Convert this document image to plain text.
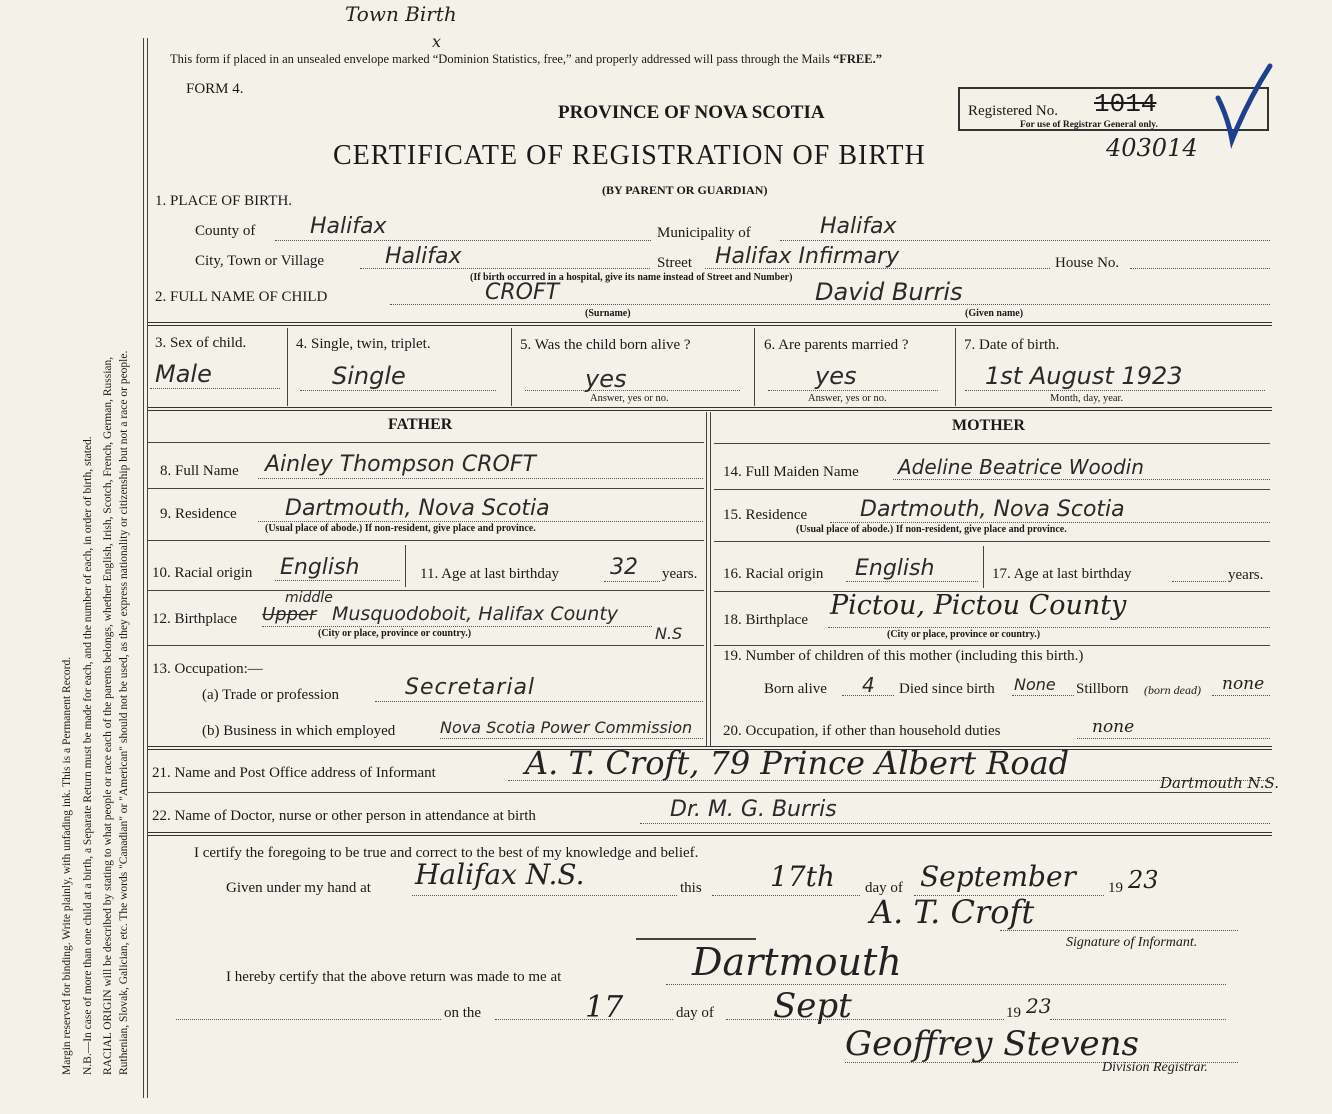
Margin reserved for binding. Write plainly, with unfading ink. This is a Permanent Record. N.B.—In case of more than one child at a birth, a Separate Return must be made for each, and the number of each, in order of birth, stated. RACIAL ORIGIN will be described by stating to what people or race each of the parents belongs, whether English, Irish, Scotch, French, German, Russian, Ruthenian, Slovak, Galician, etc. The words "Canadian" or "American" should not be used, as they express nationality or citizenship but not a race or people.
Town Birth
x
This form if placed in an unsealed envelope marked “Dominion Statistics, free,” and properly addressed will pass through the Mails “FREE.”
FORM 4.
PROVINCE OF NOVA SCOTIA
CERTIFICATE OF REGISTRATION OF BIRTH
(BY PARENT OR GUARDIAN)
403014
Registered No. 1014
For use of Registrar General only.
1. PLACE OF BIRTH.
County of Halifax	Municipality of	Halifax
City, Town or Village	Halifax	Street Halifax Infirmary	House No.
(If birth occurred in a hospital, give its name instead of Street and Number)
2. FULL NAME OF CHILD	CROFT	David Burris
(Surname)	(Given name)
3. Sex of child.
Male
4. Single, twin, triplet.
Single
5. Was the child born alive ?
yes
Answer, yes or no.
6. Are parents married ?
yes
Answer, yes or no.
7. Date of birth.
1st August 1923
Month, day, year.
FATHER
8. Full Name Ainley Thompson CROFT
9. Residence Dartmouth, Nova Scotia
(Usual place of abode.) If non-resident, give place and province.
10. Racial origin English	11. Age at last birthday 32 years.
12. Birthplace
middle
Upper Musquodoboit, Halifax County
N.S
(City or place, province or country.)
13. Occupation:—
(a) Trade or profession	Secretarial
(b) Business in which employed	Nova Scotia Power Commission
MOTHER
14. Full Maiden Name Adeline Beatrice Woodin
15. Residence Dartmouth, Nova Scotia
(Usual place of abode.) If non-resident, give place and province.
16. Racial origin English	17. Age at last birthday	years.
18. Birthplace Pictou, Pictou County
(City or place, province or country.)
19. Number of children of this mother (including this birth.)
Born alive 4 Died since birth None Stillborn (born dead) none
20. Occupation, if other than household duties	none
21. Name and Post Office address of Informant	A. T. Croft, 79 Prince Albert Road
Dartmouth N.S.
22. Name of Doctor, nurse or other person in attendance at birth	Dr. M. G. Burris
I certify the foregoing to be true and correct to the best of my knowledge and belief.
Given under my hand at Halifax N.S.	this 17th day of September 19 23
A. T. Croft
Signature of Informant.
I hereby certify that the above return was made to me at	Dartmouth
on the	17	day of Sept	19 23
Geoffrey Stevens
Division Registrar.
